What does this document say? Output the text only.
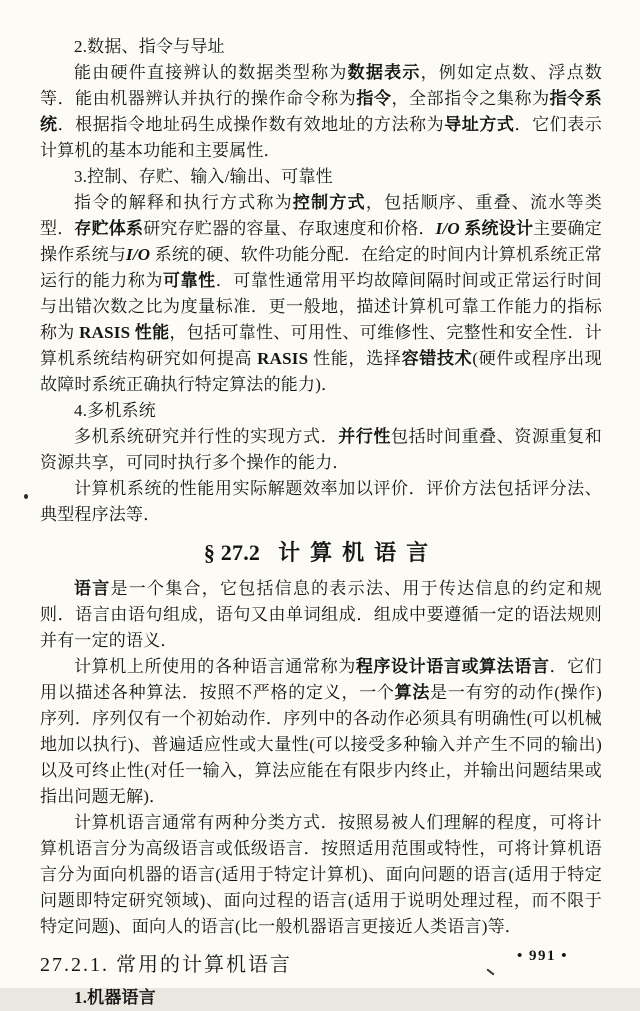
2.数据、指令与导址
能由硬件直接辨认的数据类型称为数据表示，例如定点数、浮点数等．能由机器辨认并执行的操作命令称为指令，全部指令之集称为指令系统．根据指令地址码生成操作数有效地址的方法称为导址方式．它们表示计算机的基本功能和主要属性．
3.控制、存贮、输入/输出、可靠性
指令的解释和执行方式称为控制方式，包括顺序、重叠、流水等类型．存贮体系研究存贮器的容量、存取速度和价格．I/O 系统设计主要确定操作系统与I/O 系统的硬、软件功能分配．在给定的时间内计算机系统正常运行的能力称为可靠性．可靠性通常用平均故障间隔时间或正常运行时间与出错次数之比为度量标准．更一般地，描述计算机可靠工作能力的指标称为 RASIS 性能，包括可靠性、可用性、可维修性、完整性和安全性．计算机系统结构研究如何提高 RASIS 性能，选择容错技术(硬件或程序出现故障时系统正确执行特定算法的能力)．
4.多机系统
多机系统研究并行性的实现方式．并行性包括时间重叠、资源重复和资源共享，可同时执行多个操作的能力．
计算机系统的性能用实际解题效率加以评价．评价方法包括评分法、典型程序法等．
§ 27.2 计算机语言
语言是一个集合，它包括信息的表示法、用于传达信息的约定和规则．语言由语句组成，语句又由单词组成．组成中要遵循一定的语法规则并有一定的语义．
计算机上所使用的各种语言通常称为程序设计语言或算法语言．它们用以描述各种算法．按照不严格的定义，一个算法是一有穷的动作(操作)序列．序列仅有一个初始动作．序列中的各动作必须具有明确性(可以机械地加以执行)、普遍适应性或大量性(可以接受多种输入并产生不同的输出)以及可终止性(对任一输入，算法应能在有限步内终止，并输出问题结果或指出问题无解)．
计算机语言通常有两种分类方式．按照易被人们理解的程度，可将计算机语言分为高级语言或低级语言．按照适用范围或特性，可将计算机语言分为面向机器的语言(适用于特定计算机)、面向问题的语言(适用于特定问题即特定研究领域)、面向过程的语言(适用于说明处理过程，而不限于特定问题)、面向人的语言(比一般机器语言更接近人类语言)等．
27.2.1. 常用的计算机语言
1.机器语言
• 991 •
